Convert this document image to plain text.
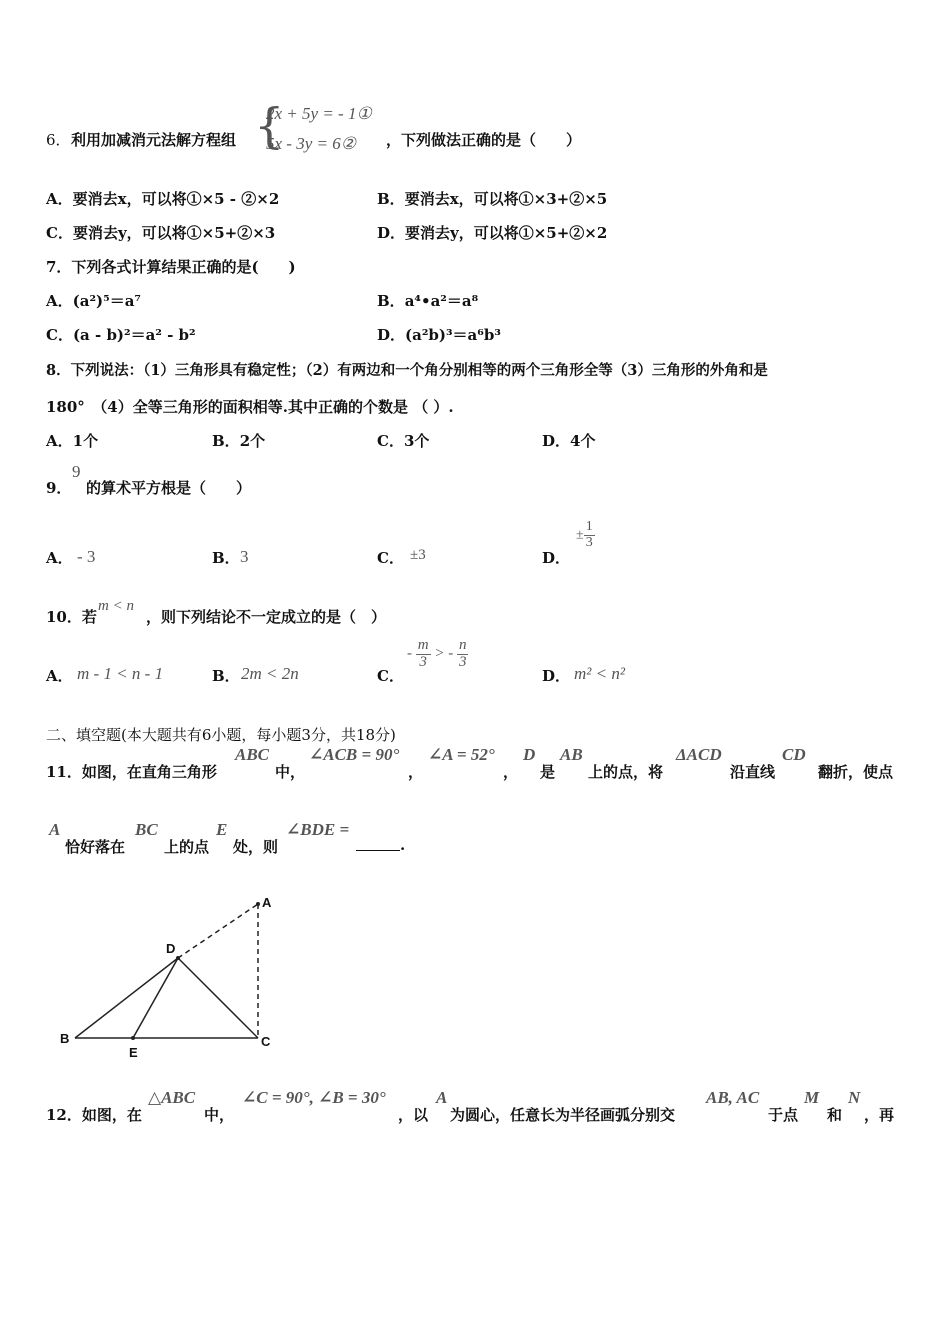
6． 利用加减消元法解方程组 {
2x + 5y = - 1①
5x - 3y = 6② ，下列做法正确的是（　　）
A．要消去x，可以将①×5 - ②×2	B．要消去x，可以将①×3+②×5
C．要消去y，可以将①×5+②×3	D．要消去y，可以将①×5+②×2
7．下列各式计算结果正确的是(　　)
A．(a²)⁵＝a⁷	B．a⁴•a²＝a⁸
C．(a - b)²＝a² - b²	D．(a²b)³＝a⁶b³
8．下列说法：（1）三角形具有稳定性；（2）有两边和一个角分别相等的两个三角形全等（3）三角形的外角和是
180°　（4）全等三角形的面积相等.其中正确的个数是 （ ）.
A．1个	B．2个	C．3个	D．4个
9．
9
的算术平方根是（　　）
A． - 3	B． 3	C． ±3	D．
± $\frac{1}{3}$
10．若
m < n
，则下列结论不一定成立的是（　）
A． m - 1 < n - 1	B． 2m < 2n	C．
- $\frac{m}{3}$ > - $\frac{n}{3}$
D． m² < n²
二、填空题(本大题共有6小题，每小题3分，共18分)
11．如图，在直角三角形
ABC
中，
∠ACB = 90°
，
∠A = 52°
，
D
是
AB
上的点，将
ΔACD
沿直线
CD
翻折，使点
A
恰好落在
BC
上的点
E
处，则
∠BDE =
.
A
D
B
E
C
12．如图，在
△ABC
中，
∠C = 90°, ∠B = 30°
，以
A
为圆心，任意长为半径画弧分别交
AB, AC
于点
M
和
N
，再
